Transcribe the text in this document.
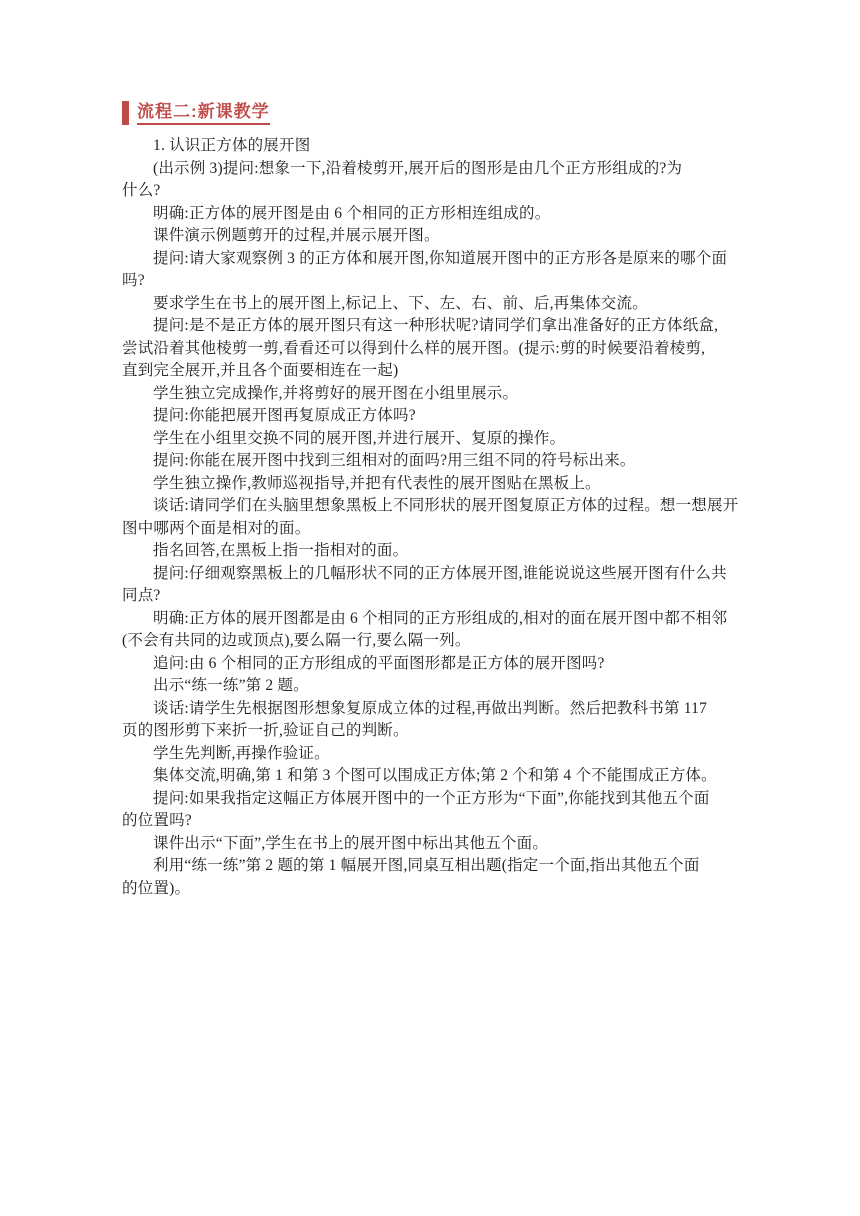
流程二:新课教学
1. 认识正方体的展开图
(出示例 3)提问:想象一下,沿着棱剪开,展开后的图形是由几个正方形组成的?为
什么?
明确:正方体的展开图是由 6 个相同的正方形相连组成的。
课件演示例题剪开的过程,并展示展开图。
提问:请大家观察例 3 的正方体和展开图,你知道展开图中的正方形各是原来的哪个面
吗?
要求学生在书上的展开图上,标记上、下、左、右、前、后,再集体交流。
提问:是不是正方体的展开图只有这一种形状呢?请同学们拿出准备好的正方体纸盒,
尝试沿着其他棱剪一剪,看看还可以得到什么样的展开图。(提示:剪的时候要沿着棱剪,
直到完全展开,并且各个面要相连在一起)
学生独立完成操作,并将剪好的展开图在小组里展示。
提问:你能把展开图再复原成正方体吗?
学生在小组里交换不同的展开图,并进行展开、复原的操作。
提问:你能在展开图中找到三组相对的面吗?用三组不同的符号标出来。
学生独立操作,教师巡视指导,并把有代表性的展开图贴在黑板上。
谈话:请同学们在头脑里想象黑板上不同形状的展开图复原正方体的过程。想一想展开
图中哪两个面是相对的面。
指名回答,在黑板上指一指相对的面。
提问:仔细观察黑板上的几幅形状不同的正方体展开图,谁能说说这些展开图有什么共
同点?
明确:正方体的展开图都是由 6 个相同的正方形组成的,相对的面在展开图中都不相邻
(不会有共同的边或顶点),要么隔一行,要么隔一列。
追问:由 6 个相同的正方形组成的平面图形都是正方体的展开图吗?
出示“练一练”第 2 题。
谈话:请学生先根据图形想象复原成立体的过程,再做出判断。然后把教科书第 117
页的图形剪下来折一折,验证自己的判断。
学生先判断,再操作验证。
集体交流,明确,第 1 和第 3 个图可以围成正方体;第 2 个和第 4 个不能围成正方体。
提问:如果我指定这幅正方体展开图中的一个正方形为“下面”,你能找到其他五个面
的位置吗?
课件出示“下面”,学生在书上的展开图中标出其他五个面。
利用“练一练”第 2 题的第 1 幅展开图,同桌互相出题(指定一个面,指出其他五个面
的位置)。
